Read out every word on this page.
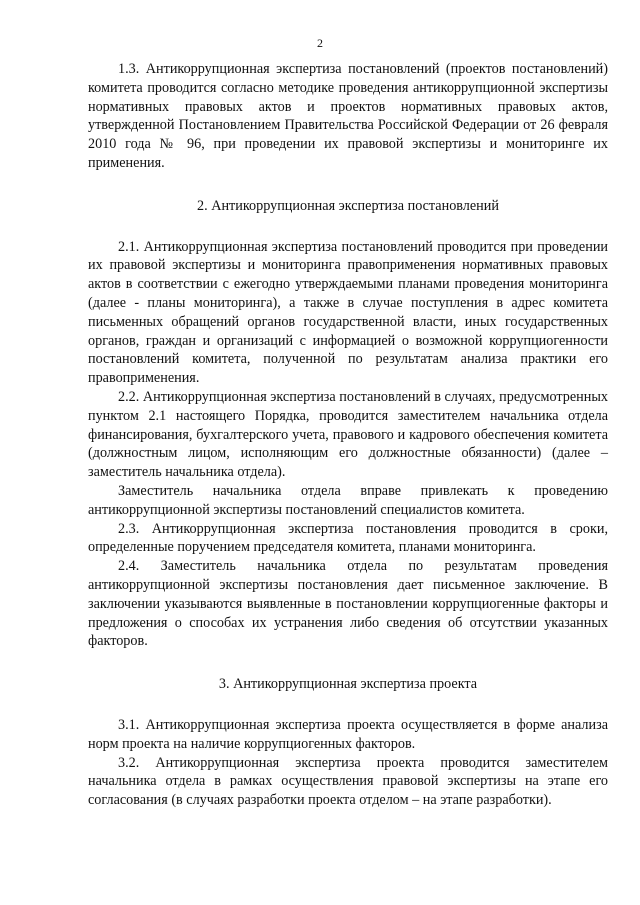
2

1.3. Антикоррупционная экспертиза постановлений (проектов постановлений) комитета проводится согласно методике проведения антикоррупционной экспертизы нормативных правовых актов и проектов нормативных правовых актов, утвержденной Постановлением Правительства Российской Федерации от 26 февраля 2010 года № 96, при проведении их правовой экспертизы и мониторинге их применения.

2. Антикоррупционная экспертиза постановлений

2.1. Антикоррупционная экспертиза постановлений проводится при проведении их правовой экспертизы и мониторинга правоприменения нормативных правовых актов в соответствии с ежегодно утверждаемыми планами проведения мониторинга (далее - планы мониторинга), а также в случае поступления в адрес комитета письменных обращений органов государственной власти, иных государственных органов, граждан и организаций с информацией о возможной коррупциогенности постановлений комитета, полученной по результатам анализа практики его правоприменения.

2.2. Антикоррупционная экспертиза постановлений в случаях, предусмотренных пунктом 2.1 настоящего Порядка, проводится заместителем начальника отдела финансирования, бухгалтерского учета, правового и кадрового обеспечения комитета (должностным лицом, исполняющим его должностные обязанности) (далее – заместитель начальника отдела).

Заместитель начальника отдела вправе привлекать к проведению антикоррупционной экспертизы постановлений специалистов комитета.

2.3. Антикоррупционная экспертиза постановления проводится в сроки, определенные поручением председателя комитета, планами мониторинга.

2.4. Заместитель начальника отдела по результатам проведения антикоррупционной экспертизы постановления дает письменное заключение. В заключении указываются выявленные в постановлении коррупциогенные факторы и предложения о способах их устранения либо сведения об отсутствии указанных факторов.

3. Антикоррупционная экспертиза проекта

3.1. Антикоррупционная экспертиза проекта осуществляется в форме анализа норм проекта на наличие коррупциогенных факторов.

3.2. Антикоррупционная экспертиза проекта проводится заместителем начальника отдела в рамках осуществления правовой экспертизы на этапе его согласования (в случаях разработки проекта отделом – на этапе разработки).
